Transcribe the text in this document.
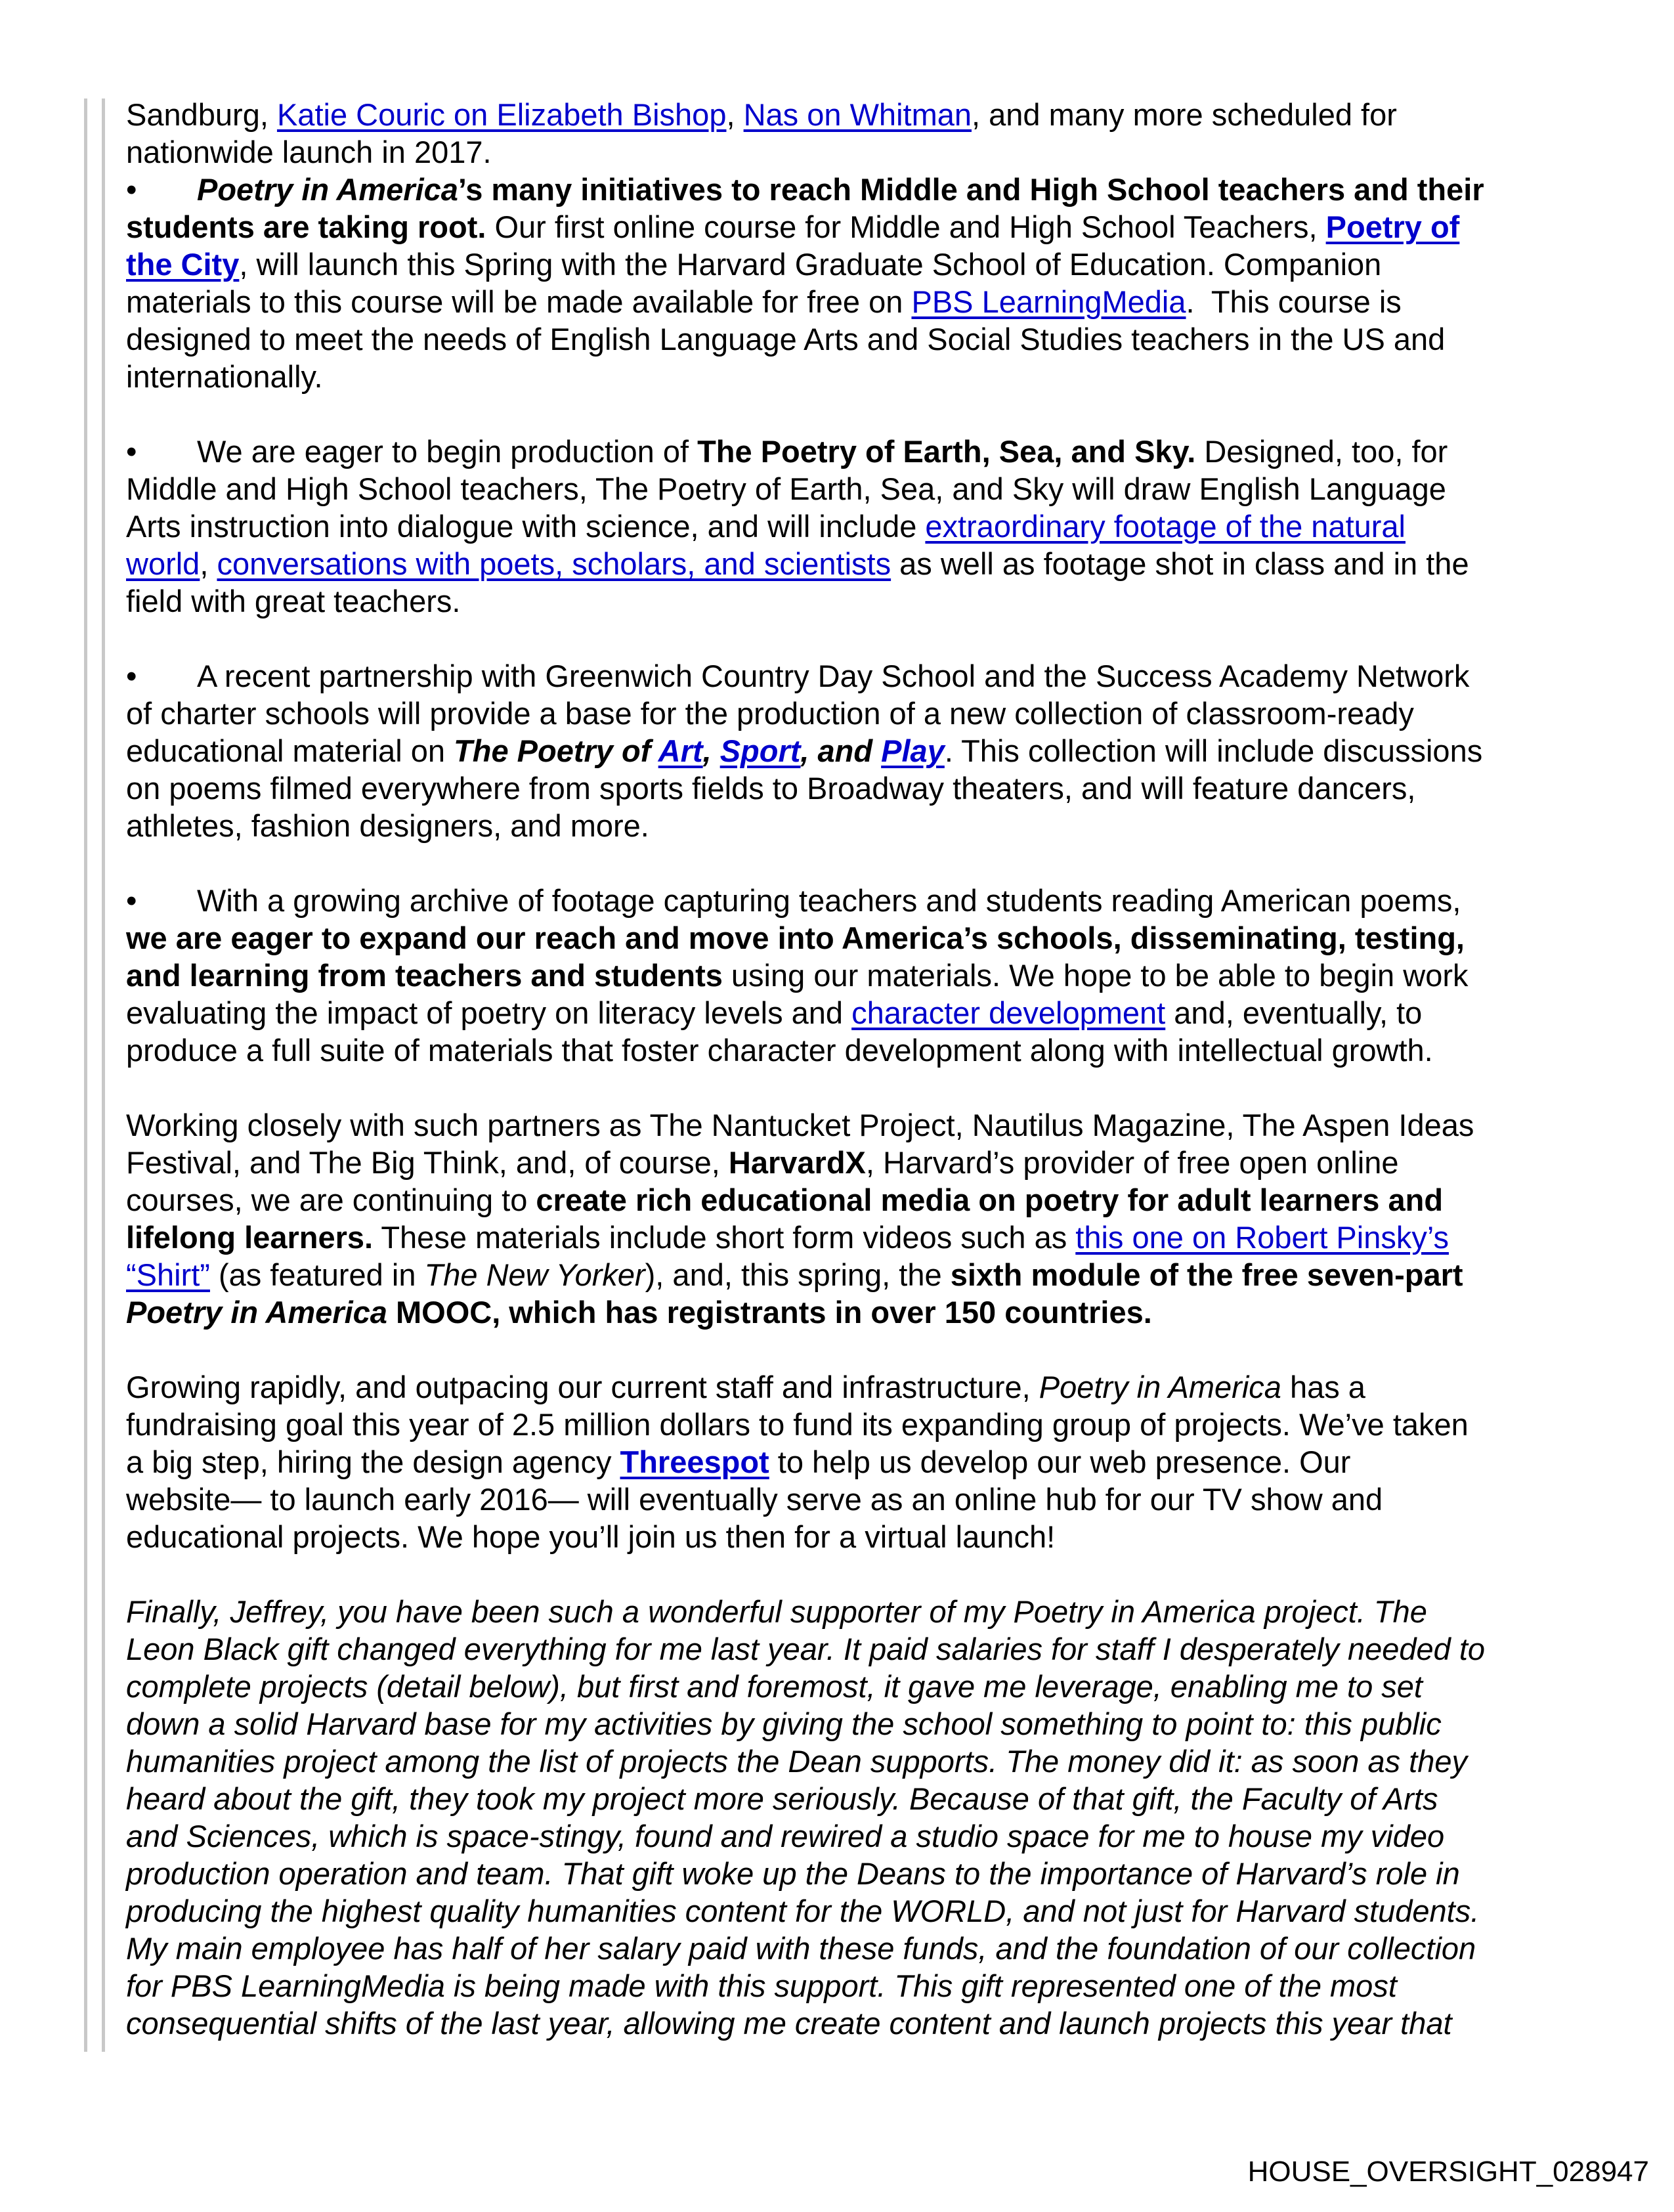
Sandburg, Katie Couric on Elizabeth Bishop, Nas on Whitman, and many more scheduled for
nationwide launch in 2017.
• Poetry in America’s many initiatives to reach Middle and High School teachers and their
students are taking root. Our first online course for Middle and High School Teachers, Poetry of
the City, will launch this Spring with the Harvard Graduate School of Education. Companion
materials to this course will be made available for free on PBS LearningMedia.  This course is
designed to meet the needs of English Language Arts and Social Studies teachers in the US and
internationally.
• We are eager to begin production of The Poetry of Earth, Sea, and Sky. Designed, too, for
Middle and High School teachers, The Poetry of Earth, Sea, and Sky will draw English Language
Arts instruction into dialogue with science, and will include extraordinary footage of the natural
world, conversations with poets, scholars, and scientists as well as footage shot in class and in the
field with great teachers.
• A recent partnership with Greenwich Country Day School and the Success Academy Network
of charter schools will provide a base for the production of a new collection of classroom-ready
educational material on The Poetry of Art, Sport, and Play. This collection will include discussions
on poems filmed everywhere from sports fields to Broadway theaters, and will feature dancers,
athletes, fashion designers, and more.
• With a growing archive of footage capturing teachers and students reading American poems,
we are eager to expand our reach and move into America’s schools, disseminating, testing,
and learning from teachers and students using our materials. We hope to be able to begin work
evaluating the impact of poetry on literacy levels and character development and, eventually, to
produce a full suite of materials that foster character development along with intellectual growth.
Working closely with such partners as The Nantucket Project, Nautilus Magazine, The Aspen Ideas
Festival, and The Big Think, and, of course, HarvardX, Harvard’s provider of free open online
courses, we are continuing to create rich educational media on poetry for adult learners and
lifelong learners. These materials include short form videos such as this one on Robert Pinsky’s
“Shirt” (as featured in The New Yorker), and, this spring, the sixth module of the free seven-part
Poetry in America MOOC, which has registrants in over 150 countries.
Growing rapidly, and outpacing our current staff and infrastructure, Poetry in America has a
fundraising goal this year of 2.5 million dollars to fund its expanding group of projects. We’ve taken
a big step, hiring the design agency Threespot to help us develop our web presence. Our
website— to launch early 2016— will eventually serve as an online hub for our TV show and
educational projects. We hope you’ll join us then for a virtual launch!
Finally, Jeffrey, you have been such a wonderful supporter of my Poetry in America project. The
Leon Black gift changed everything for me last year. It paid salaries for staff I desperately needed to
complete projects (detail below), but first and foremost, it gave me leverage, enabling me to set
down a solid Harvard base for my activities by giving the school something to point to: this public
humanities project among the list of projects the Dean supports. The money did it: as soon as they
heard about the gift, they took my project more seriously. Because of that gift, the Faculty of Arts
and Sciences, which is space-stingy, found and rewired a studio space for me to house my video
production operation and team. That gift woke up the Deans to the importance of Harvard’s role in
producing the highest quality humanities content for the WORLD, and not just for Harvard students.
My main employee has half of her salary paid with these funds, and the foundation of our collection
for PBS LearningMedia is being made with this support. This gift represented one of the most
consequential shifts of the last year, allowing me create content and launch projects this year that
HOUSE_OVERSIGHT_028947
